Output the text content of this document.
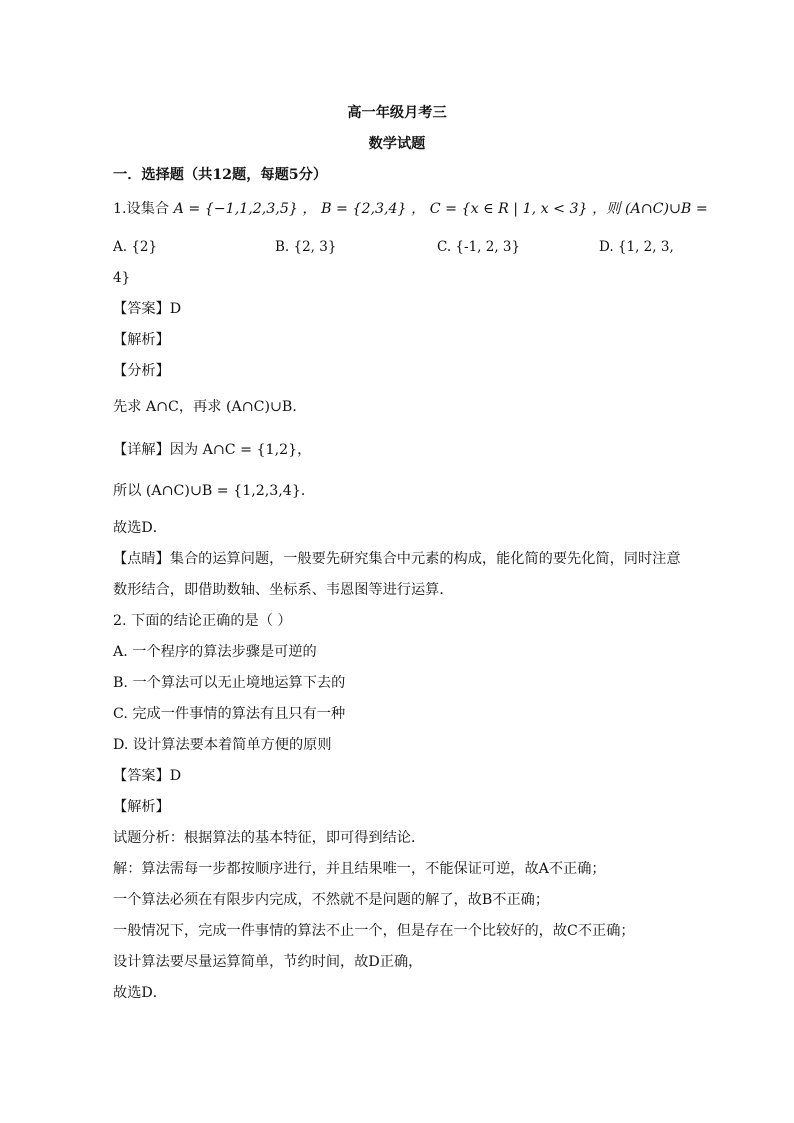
高一年级月考三
数学试题
一．选择题（共12题，每题5分）
1.设集合 A = {−1,1,2,3,5} ， B = {2,3,4} ， C = {x ∈ R | 1, x < 3} ，则 (A∩C)∪B =
A. {2}	B. {2, 3}	C. {-1, 2, 3}	D. {1, 2, 3,
4}
【答案】D
【解析】
【分析】
先求 A∩C，再求 (A∩C)∪B．
【详解】因为 A∩C = {1,2}，
所以 (A∩C)∪B = {1,2,3,4}．
故选D．
【点睛】集合的运算问题，一般要先研究集合中元素的构成，能化简的要先化简，同时注意
数形结合，即借助数轴、坐标系、韦恩图等进行运算．
2. 下面的结论正确的是（ ）
A. 一个程序的算法步骤是可逆的
B. 一个算法可以无止境地运算下去的
C. 完成一件事情的算法有且只有一种
D. 设计算法要本着简单方便的原则
【答案】D
【解析】
试题分析：根据算法的基本特征，即可得到结论．
解：算法需每一步都按顺序进行，并且结果唯一，不能保证可逆，故A不正确；
一个算法必须在有限步内完成，不然就不是问题的解了，故B不正确；
一般情况下，完成一件事情的算法不止一个，但是存在一个比较好的，故C不正确；
设计算法要尽量运算简单，节约时间，故D正确，
故选D．
